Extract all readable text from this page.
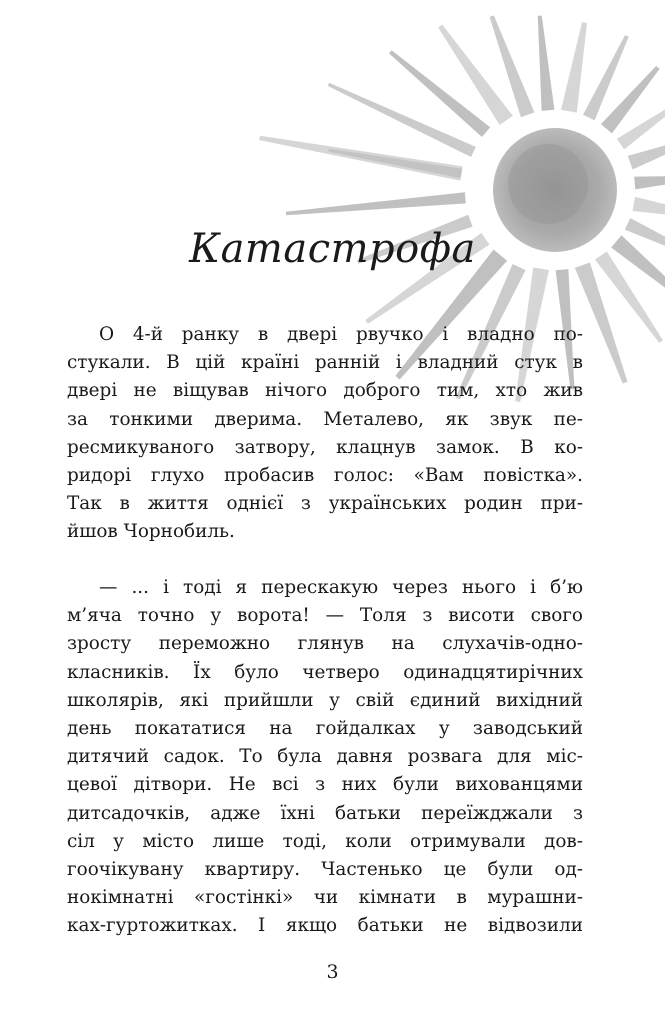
Катастрофа

О 4-й ранку в двері рвучко і владно по-
стукали. В цій країні ранній і владний стук в
двері не віщував нічого доброго тим, хто жив
за тонкими дверима. Металево, як звук пе-
ресмикуваного затвору, клацнув замок. В ко-
ридорі глухо пробасив голос: «Вам повістка».
Так в життя однієї з українських родин при-
йшов Чорнобиль.

— ... і тоді я перескакую через нього і б’ю
м’яча точно у ворота! — Толя з висоти свого
зросту переможно глянув на слухачів-одно-
класників. Їх було четверо одинадцятирічних
школярів, які прийшли у свій єдиний вихідний
день покататися на гойдалках у заводський
дитячий садок. То була давня розвага для міс-
цевої дітвори. Не всі з них були вихованцями
дитсадочків, адже їхні батьки переїжджали з
сіл у місто лише тоді, коли отримували дов-
гоочікувану квартиру. Частенько це були од-
нокімнатні «гостінкі» чи кімнати в мурашни-
ках-гуртожитках. І якщо батьки не відвозили

3
